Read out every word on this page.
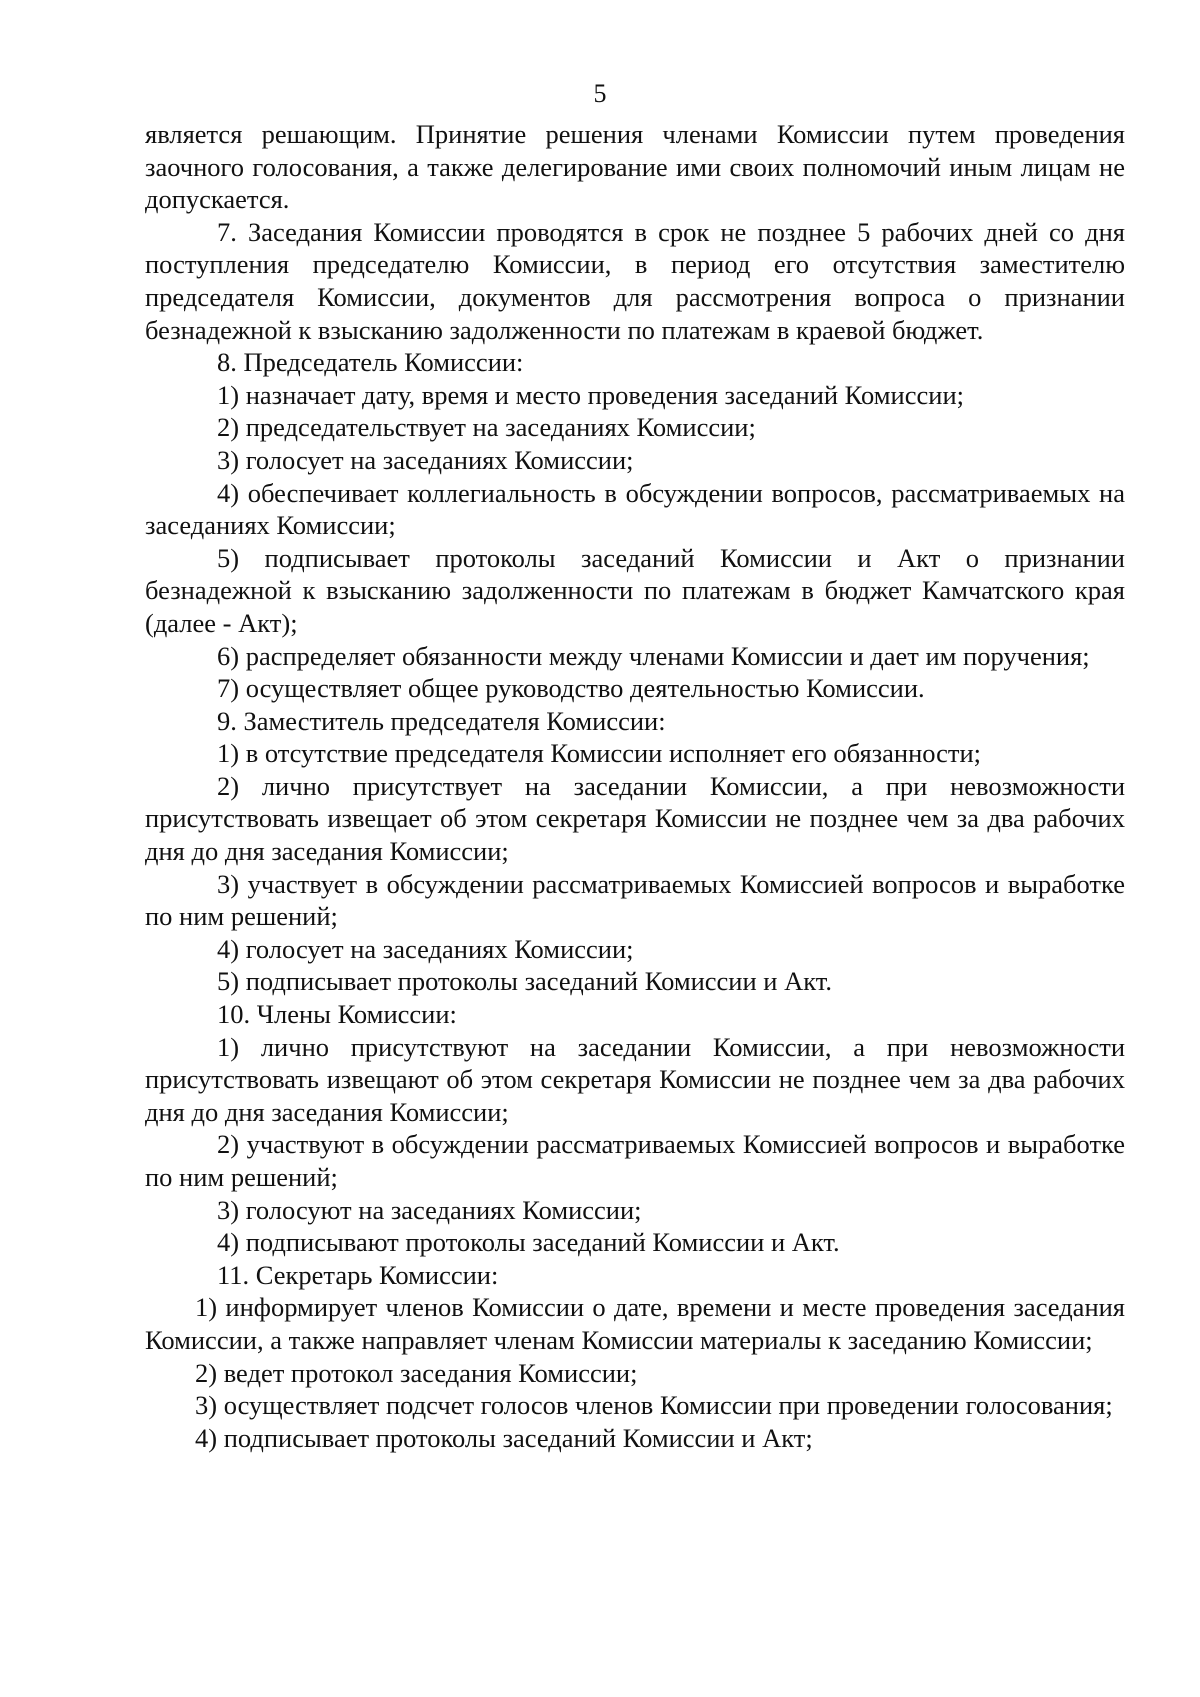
5

является решающим. Принятие решения членами Комиссии путем проведения заочного голосования, а также делегирование ими своих полномочий иным лицам не допускается.

7. Заседания Комиссии проводятся в срок не позднее 5 рабочих дней со дня поступления председателю Комиссии, в период его отсутствия заместителю председателя Комиссии, документов для рассмотрения вопроса о признании безнадежной к взысканию задолженности по платежам в краевой бюджет.

8. Председатель Комиссии:

1) назначает дату, время и место проведения заседаний Комиссии;

2) председательствует на заседаниях Комиссии;

3) голосует на заседаниях Комиссии;

4) обеспечивает коллегиальность в обсуждении вопросов, рассматриваемых на заседаниях Комиссии;

5) подписывает протоколы заседаний Комиссии и Акт о признании безнадежной к взысканию задолженности по платежам в бюджет Камчатского края (далее - Акт);

6) распределяет обязанности между членами Комиссии и дает им поручения;

7) осуществляет общее руководство деятельностью Комиссии.

9. Заместитель председателя Комиссии:

1) в отсутствие председателя Комиссии исполняет его обязанности;

2) лично присутствует на заседании Комиссии, а при невозможности присутствовать извещает об этом секретаря Комиссии не позднее чем за два рабочих дня до дня заседания Комиссии;

3) участвует в обсуждении рассматриваемых Комиссией вопросов и выработке по ним решений;

4) голосует на заседаниях Комиссии;

5) подписывает протоколы заседаний Комиссии и Акт.

10. Члены Комиссии:

1) лично присутствуют на заседании Комиссии, а при невозможности присутствовать извещают об этом секретаря Комиссии не позднее чем за два рабочих дня до дня заседания Комиссии;

2) участвуют в обсуждении рассматриваемых Комиссией вопросов и выработке по ним решений;

3) голосуют на заседаниях Комиссии;

4) подписывают протоколы заседаний Комиссии и Акт.

11. Секретарь Комиссии:

1) информирует членов Комиссии о дате, времени и месте проведения заседания Комиссии, а также направляет членам Комиссии материалы к заседанию Комиссии;

2) ведет протокол заседания Комиссии;

3) осуществляет подсчет голосов членов Комиссии при проведении голосования;

4) подписывает протоколы заседаний Комиссии и Акт;
